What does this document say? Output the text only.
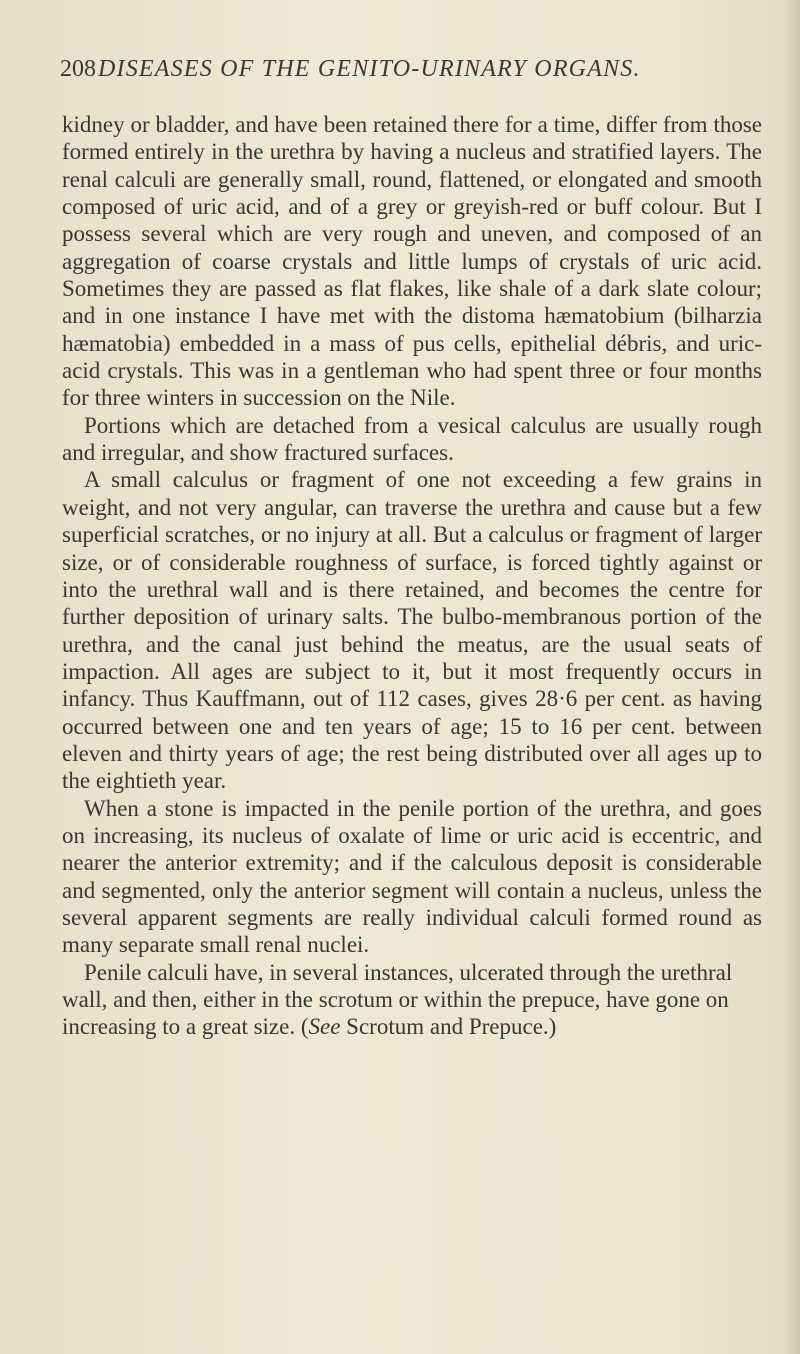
208 DISEASES OF THE GENITO-URINARY ORGANS.

kidney or bladder, and have been retained there for a time, differ from those formed entirely in the urethra by having a nucleus and stratified layers. The renal calculi are generally small, round, flattened, or elongated and smooth composed of uric acid, and of a grey or greyish-red or buff colour. But I possess several which are very rough and uneven, and composed of an aggregation of coarse crystals and little lumps of crystals of uric acid. Sometimes they are passed as flat flakes, like shale of a dark slate colour; and in one instance I have met with the distoma hæmatobium (bilharzia hæmatobia) embedded in a mass of pus cells, epithelial débris, and uric-acid crystals. This was in a gentleman who had spent three or four months for three winters in succession on the Nile.

Portions which are detached from a vesical calculus are usually rough and irregular, and show fractured surfaces.

A small calculus or fragment of one not exceeding a few grains in weight, and not very angular, can traverse the urethra and cause but a few superficial scratches, or no injury at all. But a calculus or fragment of larger size, or of considerable roughness of surface, is forced tightly against or into the urethral wall and is there retained, and becomes the centre for further deposition of urinary salts. The bulbo-membranous portion of the urethra, and the canal just behind the meatus, are the usual seats of impaction. All ages are subject to it, but it most frequently occurs in infancy. Thus Kauffmann, out of 112 cases, gives 28·6 per cent. as having occurred between one and ten years of age; 15 to 16 per cent. between eleven and thirty years of age; the rest being distributed over all ages up to the eightieth year.

When a stone is impacted in the penile portion of the urethra, and goes on increasing, its nucleus of oxalate of lime or uric acid is eccentric, and nearer the anterior extremity; and if the calculous deposit is considerable and segmented, only the anterior segment will contain a nucleus, unless the several apparent segments are really individual calculi formed round as many separate small renal nuclei.

Penile calculi have, in several instances, ulcerated through the urethral wall, and then, either in the scrotum or within the prepuce, have gone on increasing to a great size. (See Scrotum and Prepuce.)
